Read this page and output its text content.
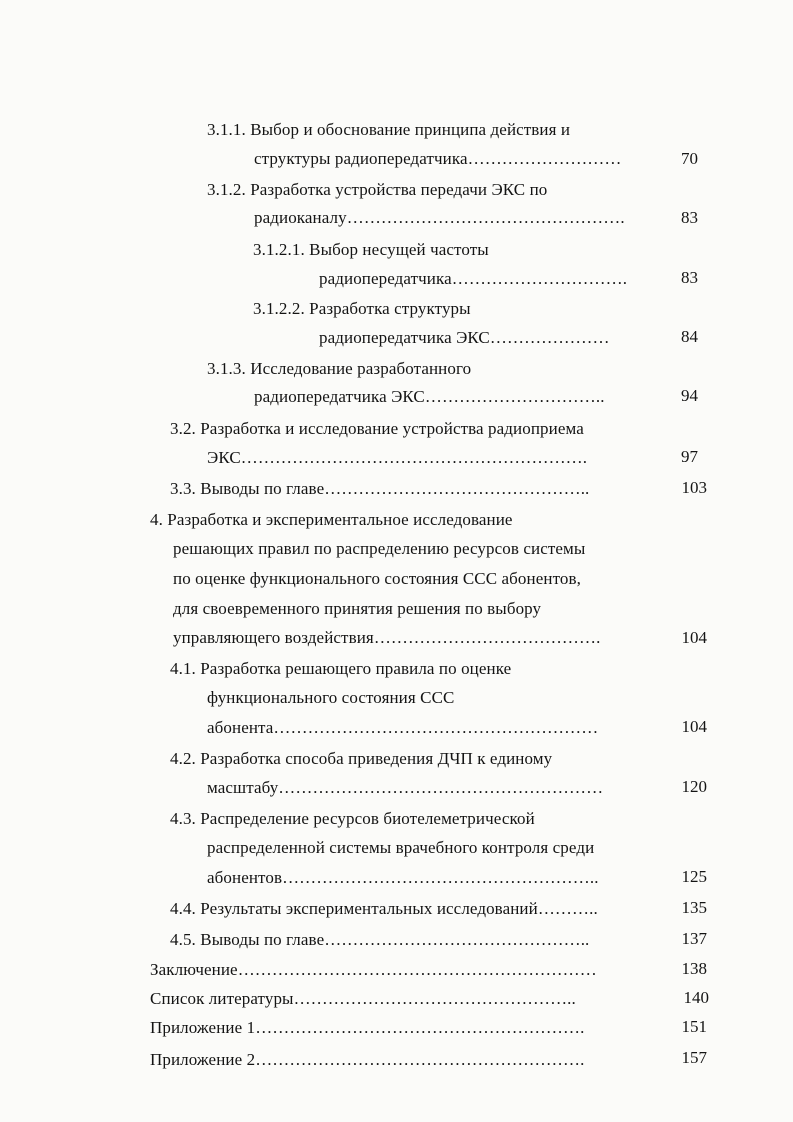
3.1.1. Выбор и обоснование принципа действия и
структуры радиопередатчика………………………	70
3.1.2. Разработка устройства передачи ЭКС по
радиоканалу………………………………………….	83
3.1.2.1. Выбор несущей частоты
радиопередатчика………………………….	83
3.1.2.2. Разработка структуры
радиопередатчика ЭКС…………………	84
3.1.3. Исследование разработанного
радиопередатчика ЭКС…………………………..	94
3.2. Разработка и исследование устройства радиоприема
ЭКС…………………………………………………….	97
3.3. Выводы по главе………………………………………..	103
4. Разработка и экспериментальное исследование
решающих правил по распределению ресурсов системы
по оценке функционального состояния ССС абонентов,
для своевременного принятия решения по выбору
управляющего воздействия………………………………….	104
4.1. Разработка решающего правила по оценке
функционального состояния ССС
абонента…………………………………………………	104
4.2. Разработка способа приведения ДЧП к единому
масштабу…………………………………………………	120
4.3. Распределение ресурсов биотелеметрической
распределенной системы врачебного контроля среди
абонентов………………………………………………..	125
4.4. Результаты экспериментальных исследований………..	135
4.5. Выводы по главе………………………………………..	137
Заключение………………………………………………………	138
Список литературы…………………………………………..	140
Приложение 1………………………………………………….	151
Приложение 2………………………………………………….	157
